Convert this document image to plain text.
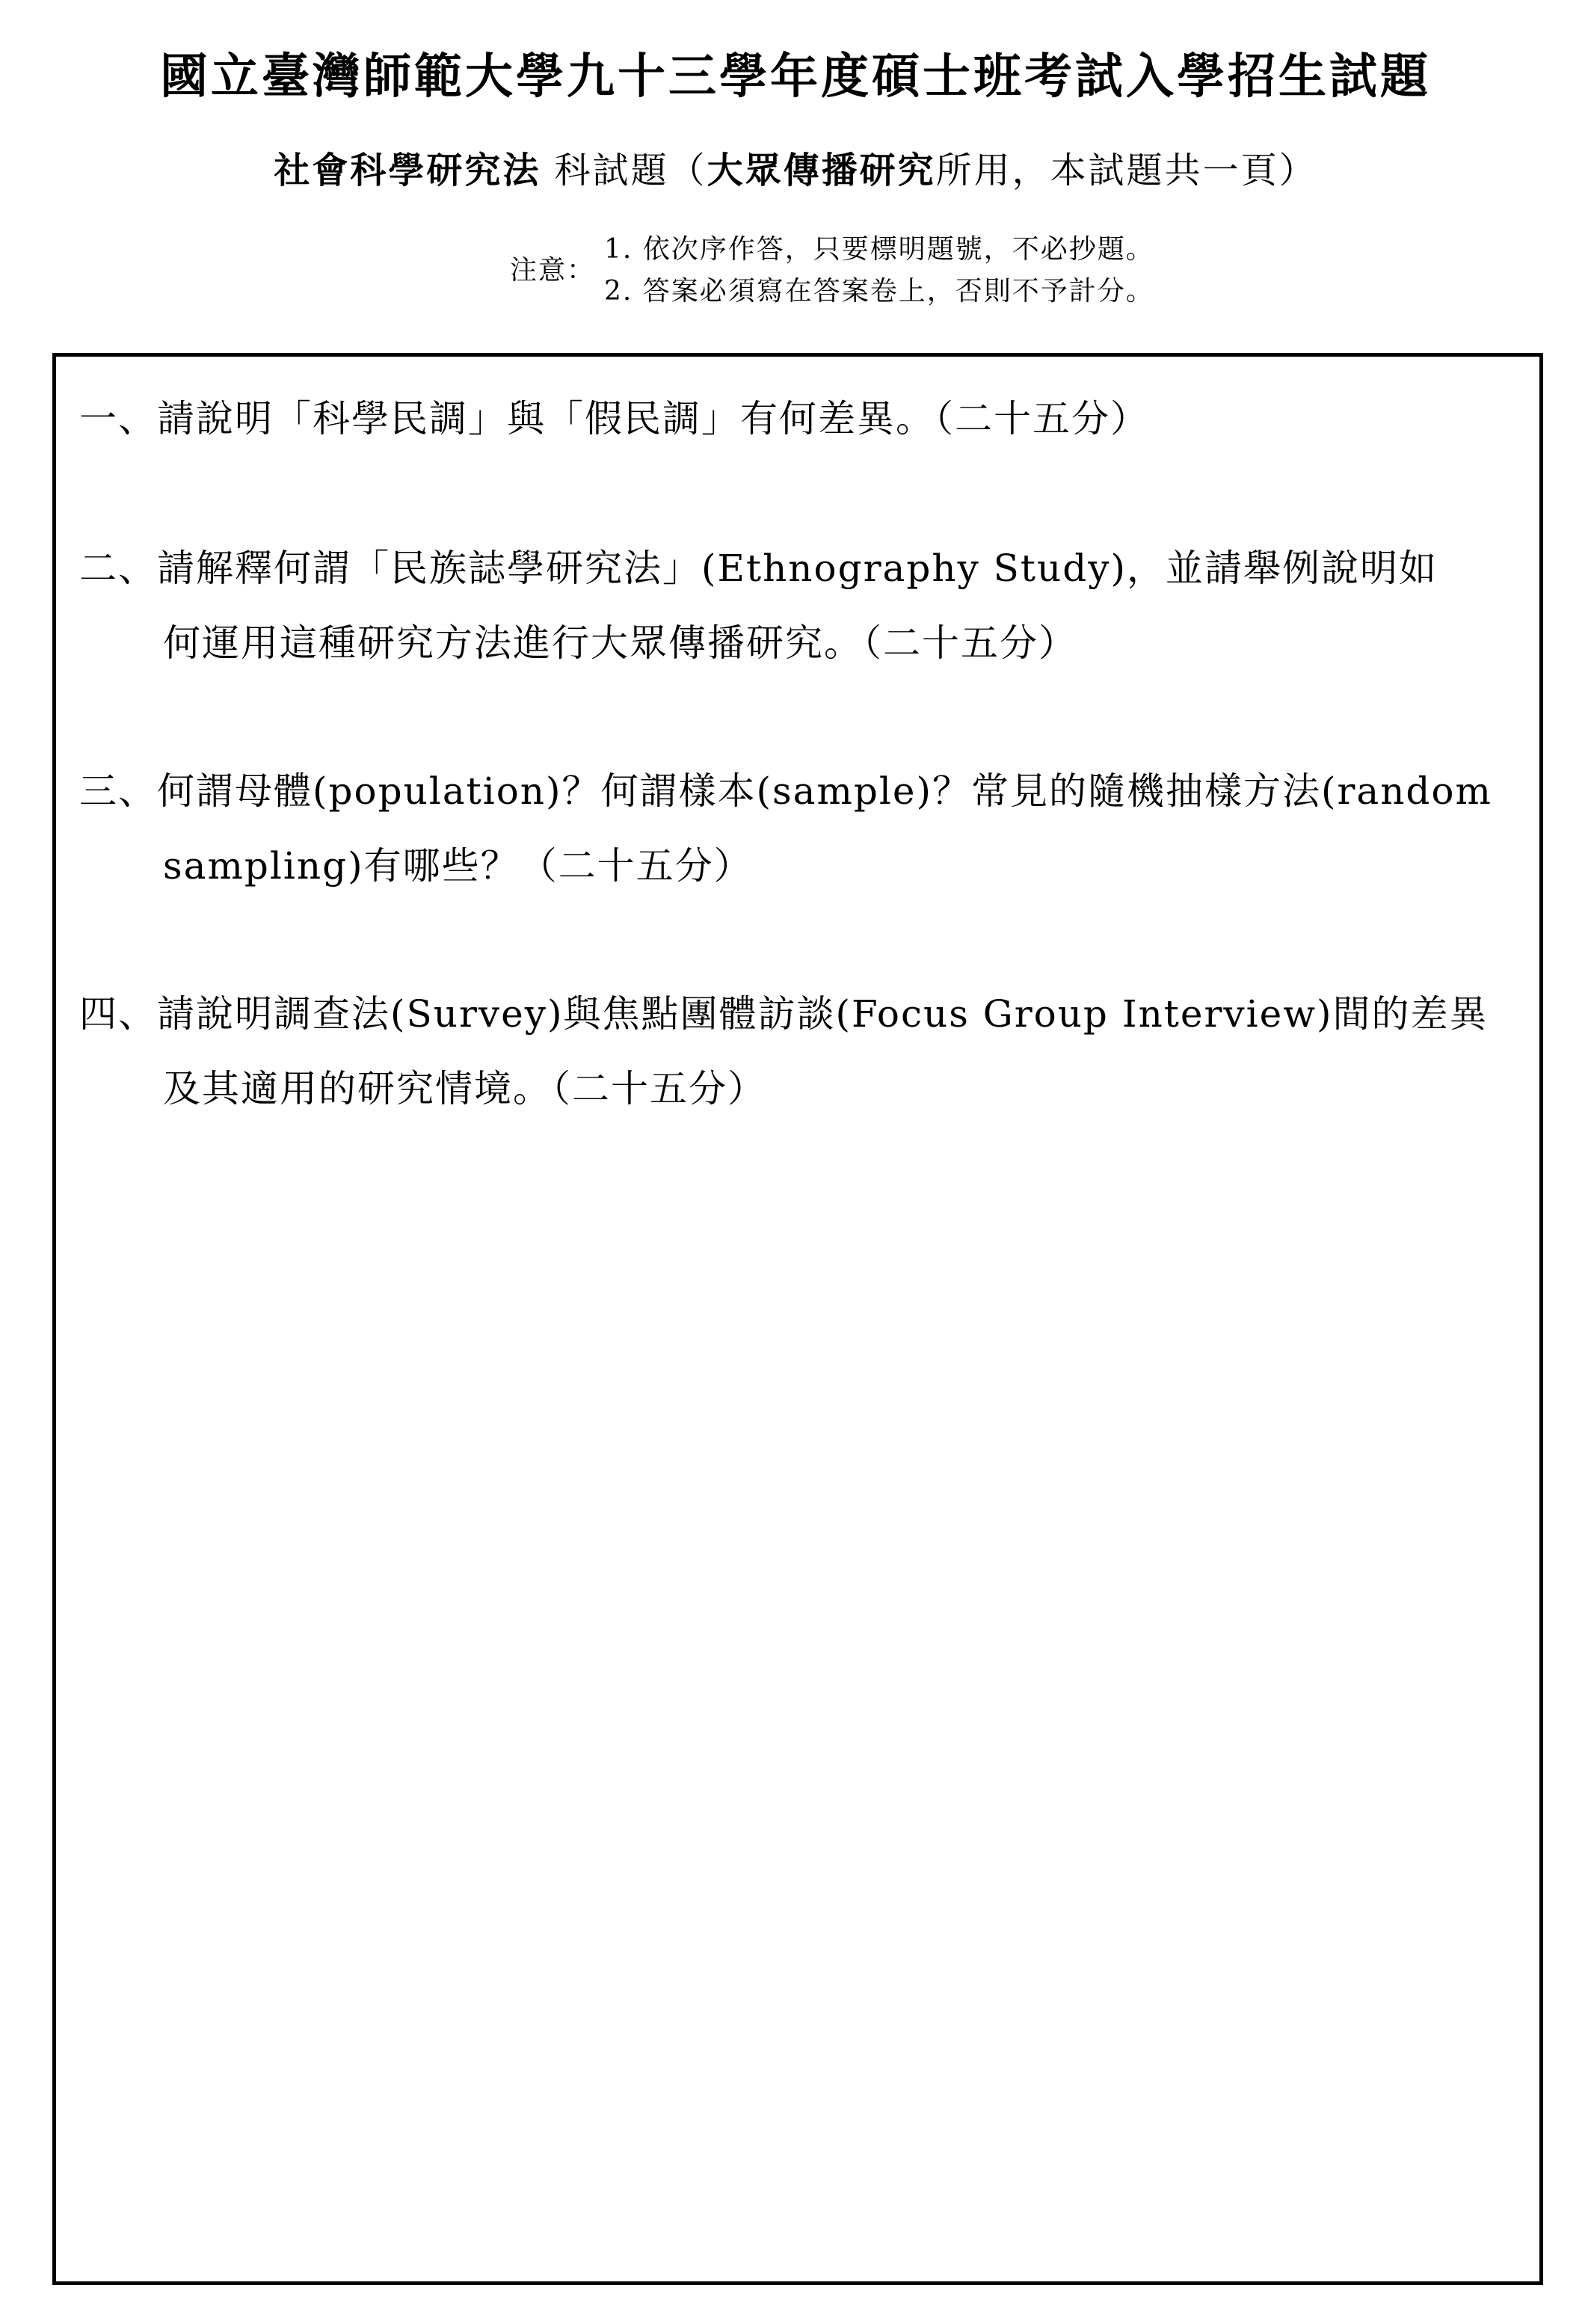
國立臺灣師範大學九十三學年度碩士班考試入學招生試題
社會科學研究法 科試題（大眾傳播研究所用，本試題共一頁）
注意：
1. 依次序作答，只要標明題號，不必抄題。
2. 答案必須寫在答案卷上，否則不予計分。
一、請說明「科學民調」與「假民調」有何差異。（二十五分）
二、請解釋何謂「民族誌學研究法」(Ethnography Study)，並請舉例說明如
何運用這種研究方法進行大眾傳播研究。（二十五分）
三、何謂母體(population)？何謂樣本(sample)？常見的隨機抽樣方法(random
sampling)有哪些？（二十五分）
四、請說明調查法(Survey)與焦點團體訪談(Focus Group Interview)間的差異
及其適用的研究情境。（二十五分）
